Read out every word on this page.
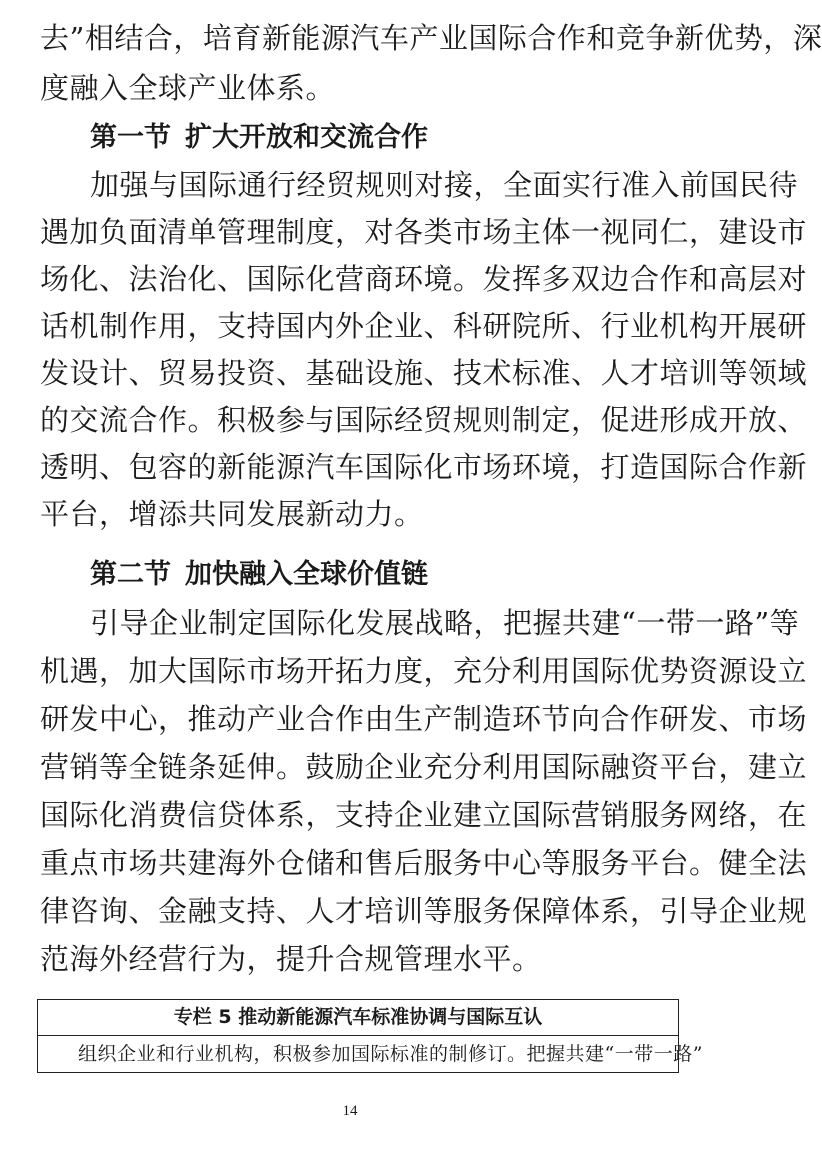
去”相结合，培育新能源汽车产业国际合作和竞争新优势，深
度融入全球产业体系。
第一节 扩大开放和交流合作
加强与国际通行经贸规则对接，全面实行准入前国民待
遇加负面清单管理制度，对各类市场主体一视同仁，建设市
场化、法治化、国际化营商环境。发挥多双边合作和高层对
话机制作用，支持国内外企业、科研院所、行业机构开展研
发设计、贸易投资、基础设施、技术标准、人才培训等领域
的交流合作。积极参与国际经贸规则制定，促进形成开放、
透明、包容的新能源汽车国际化市场环境，打造国际合作新
平台，增添共同发展新动力。
第二节 加快融入全球价值链
引导企业制定国际化发展战略，把握共建“一带一路”等
机遇，加大国际市场开拓力度，充分利用国际优势资源设立
研发中心，推动产业合作由生产制造环节向合作研发、市场
营销等全链条延伸。鼓励企业充分利用国际融资平台，建立
国际化消费信贷体系，支持企业建立国际营销服务网络，在
重点市场共建海外仓储和售后服务中心等服务平台。健全法
律咨询、金融支持、人才培训等服务保障体系，引导企业规
范海外经营行为，提升合规管理水平。
专栏 5 推动新能源汽车标准协调与国际互认
组织企业和行业机构，积极参加国际标准的制修订。把握共建“一带一路”
14
